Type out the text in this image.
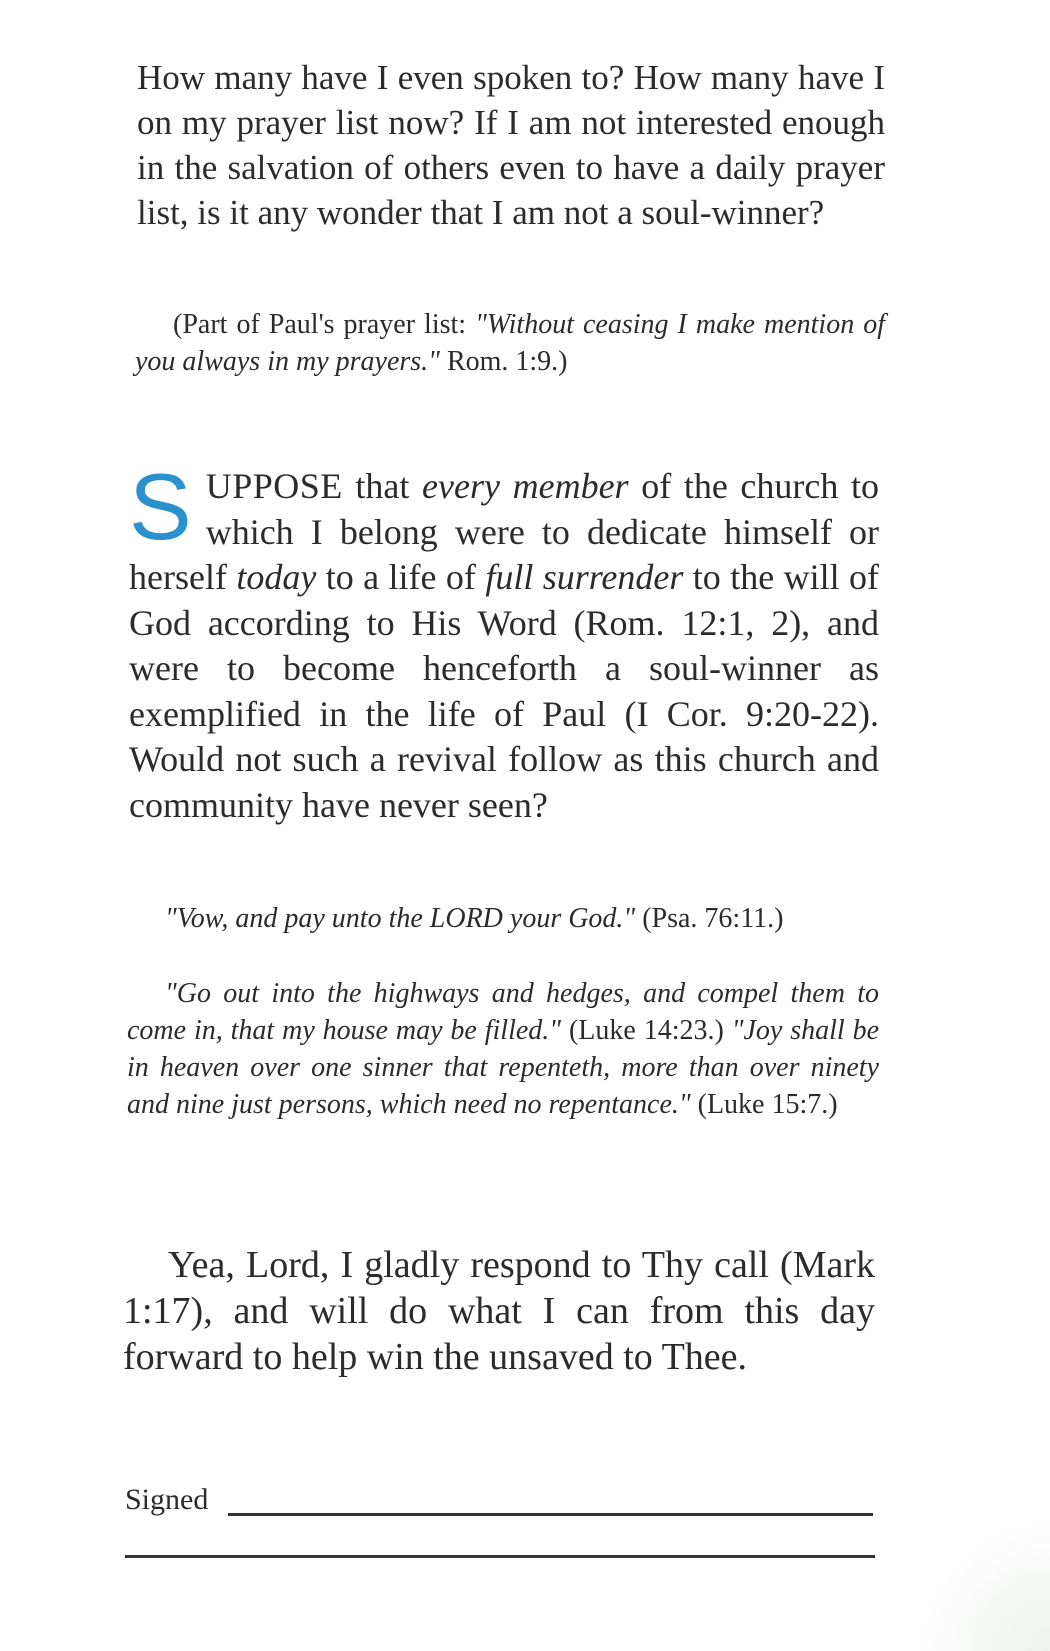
How many have I even spoken to? How many have I on my prayer list now? If I am not interested enough in the salvation of others even to have a daily prayer list, is it any wonder that I am not a soul-winner?

(Part of Paul's prayer list: "Without ceasing I make mention of you always in my prayers." Rom. 1:9.)

SUPPOSE that every member of the church to which I belong were to dedicate himself or herself today to a life of full surrender to the will of God according to His Word (Rom. 12:1, 2), and were to become henceforth a soul-winner as exemplified in the life of Paul (I Cor. 9:20-22). Would not such a revival follow as this church and community have never seen?

"Vow, and pay unto the LORD your God." (Psa. 76:11.)

"Go out into the highways and hedges, and compel them to come in, that my house may be filled." (Luke 14:23.) "Joy shall be in heaven over one sinner that repenteth, more than over ninety and nine just persons, which need no repentance." (Luke 15:7.)

Yea, Lord, I gladly respond to Thy call (Mark 1:17), and will do what I can from this day forward to help win the unsaved to Thee.

Signed
